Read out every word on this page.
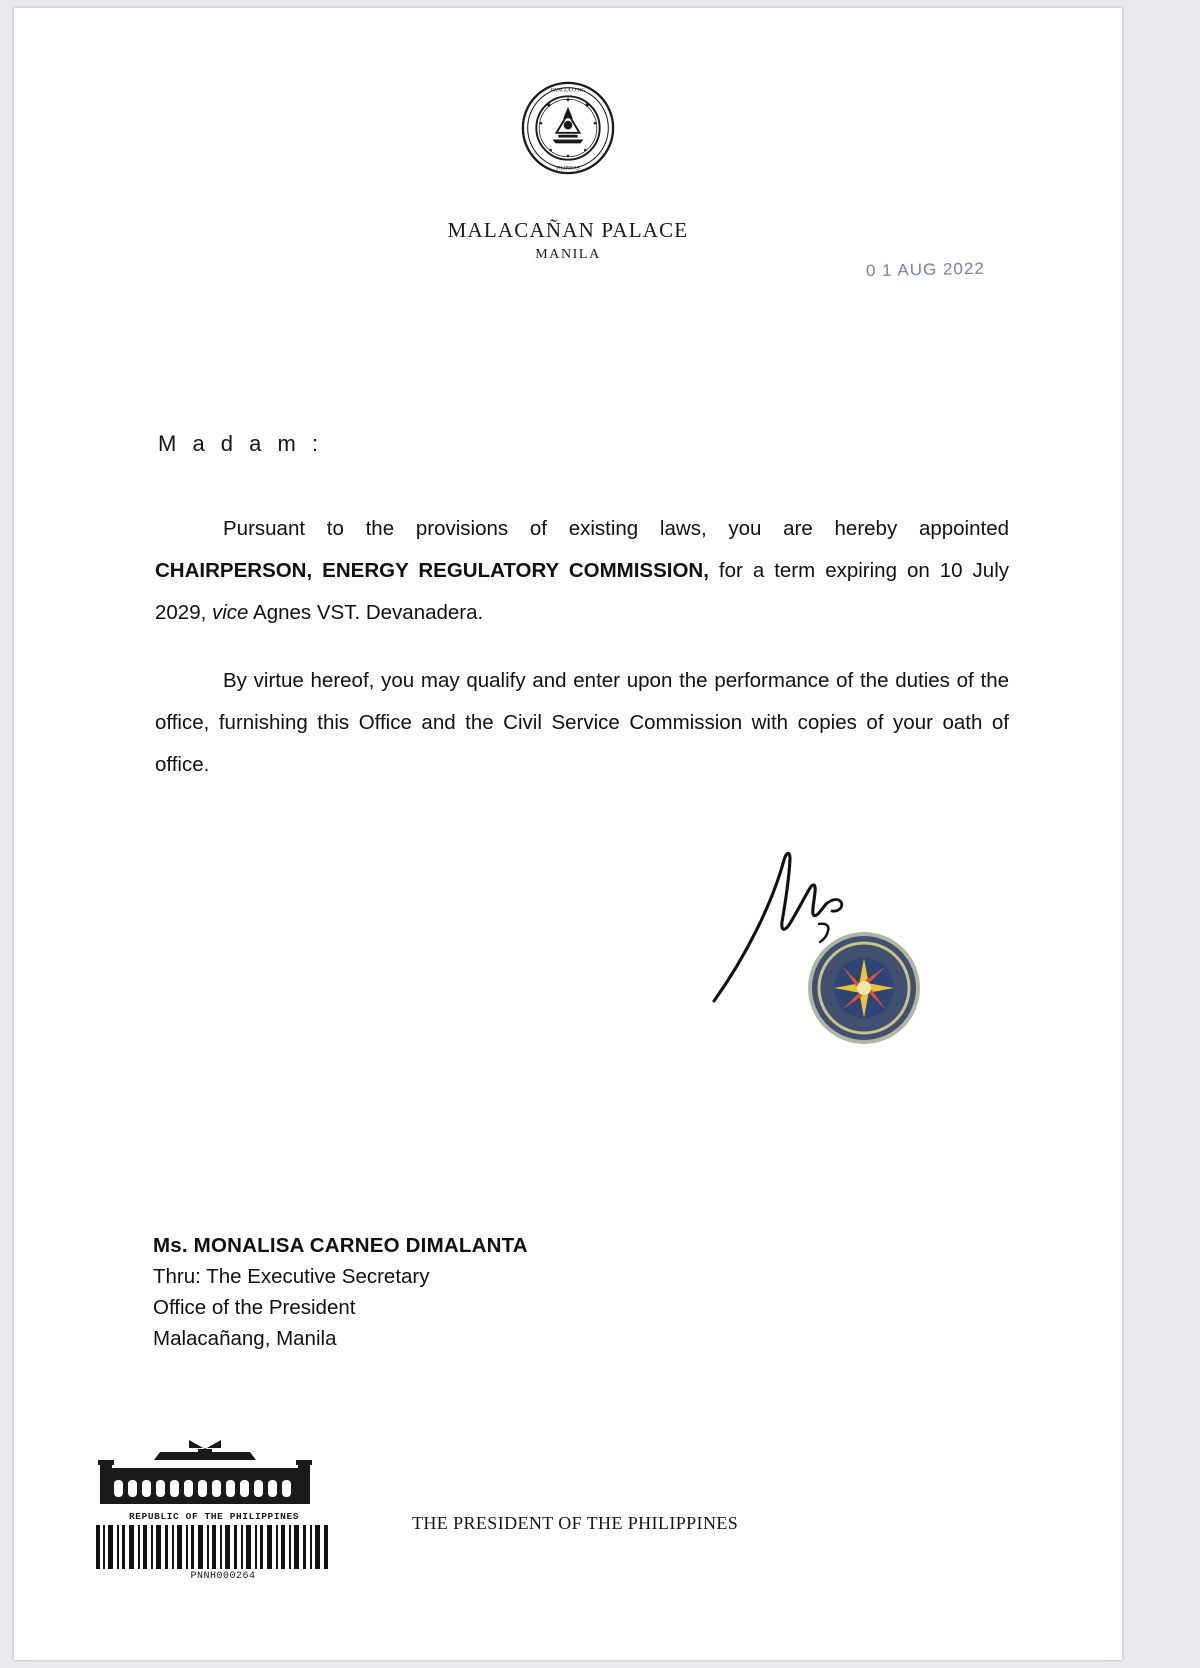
PANGULO NG
PILIPINAS
MALACAÑAN PALACE
MANILA
0 1 AUG 2022
M a d a m :

Pursuant to the provisions of existing laws, you are hereby appointed CHAIRPERSON, ENERGY REGULATORY COMMISSION, for a term expiring on 10 July 2029, vice Agnes VST. Devanadera.

By virtue hereof, you may qualify and enter upon the performance of the duties of the office, furnishing this Office and the Civil Service Commission with copies of your oath of office.

Ms. MONALISA CARNEO DIMALANTA
Thru: The Executive Secretary
Office of the President
Malacañang, Manila
REPUBLIC OF THE PHILIPPINES
PNNH000264
THE PRESIDENT OF THE PHILIPPINES
